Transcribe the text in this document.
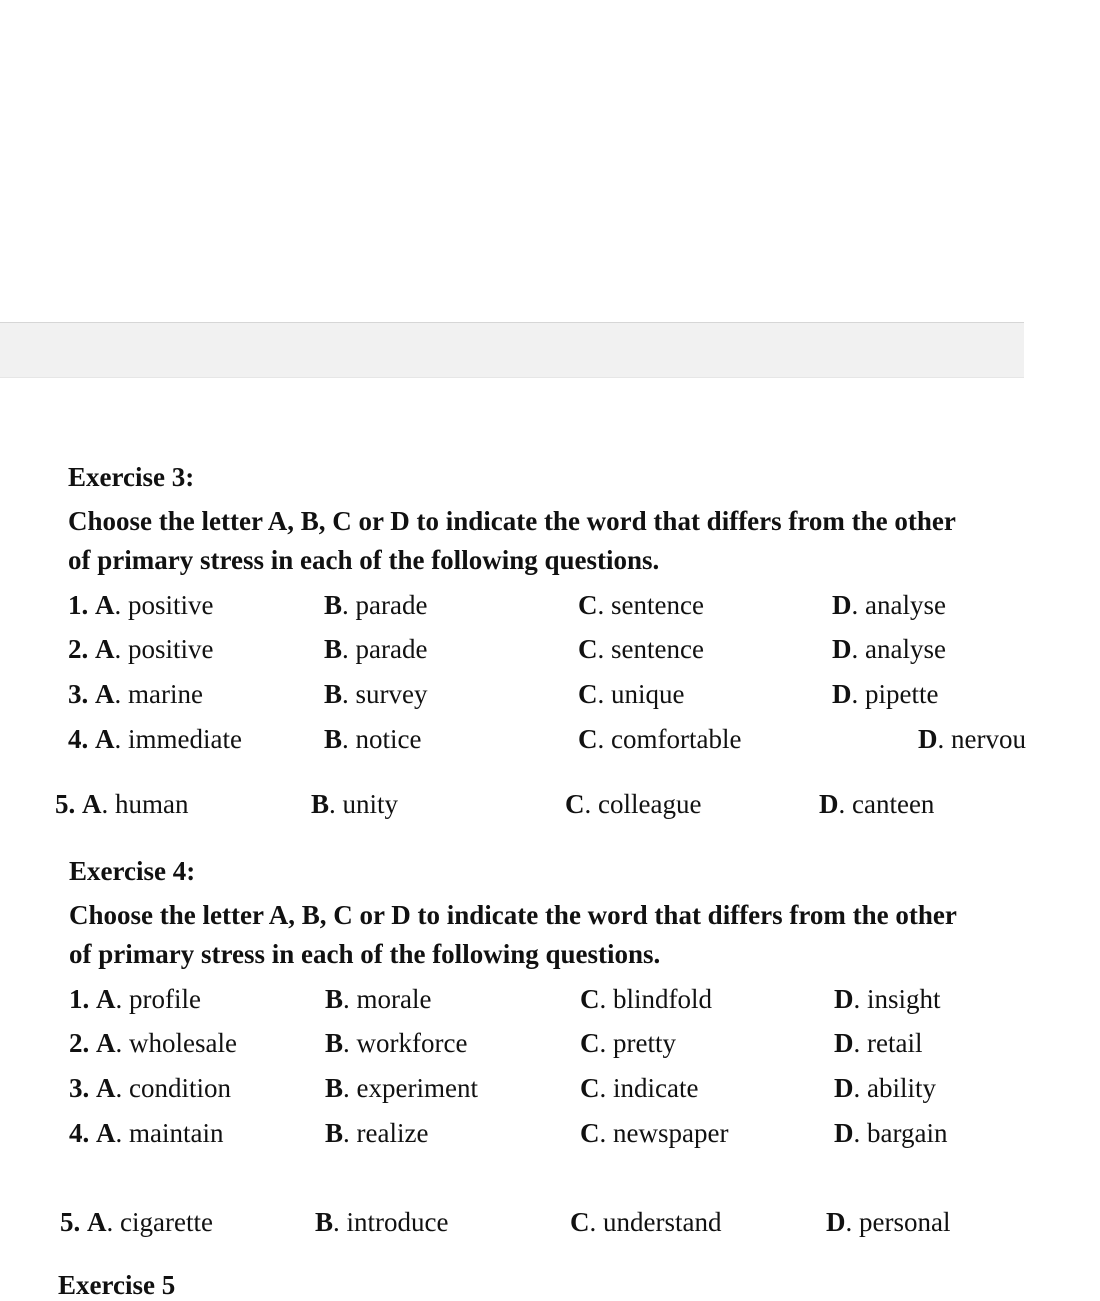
Exercise 3:
Choose the letter A, B, C or D to indicate the word that differs from the other
of primary stress in each of the following questions.
1. A. positive	B. parade	C. sentence	D. analyse
2. A. positive	B. parade	C. sentence	D. analyse
3. A. marine	B. survey	C. unique	D. pipette
4. A. immediate	B. notice	C. comfortable	D. nervou
5. A. human	B. unity	C. colleague	D. canteen
Exercise 4:
Choose the letter A, B, C or D to indicate the word that differs from the other
of primary stress in each of the following questions.
1. A. profile	B. morale	C. blindfold	D. insight
2. A. wholesale	B. workforce	C. pretty	D. retail
3. A. condition	B. experiment	C. indicate	D. ability
4. A. maintain	B. realize	C. newspaper	D. bargain
5. A. cigarette	B. introduce	C. understand	D. personal
Exercise 5
